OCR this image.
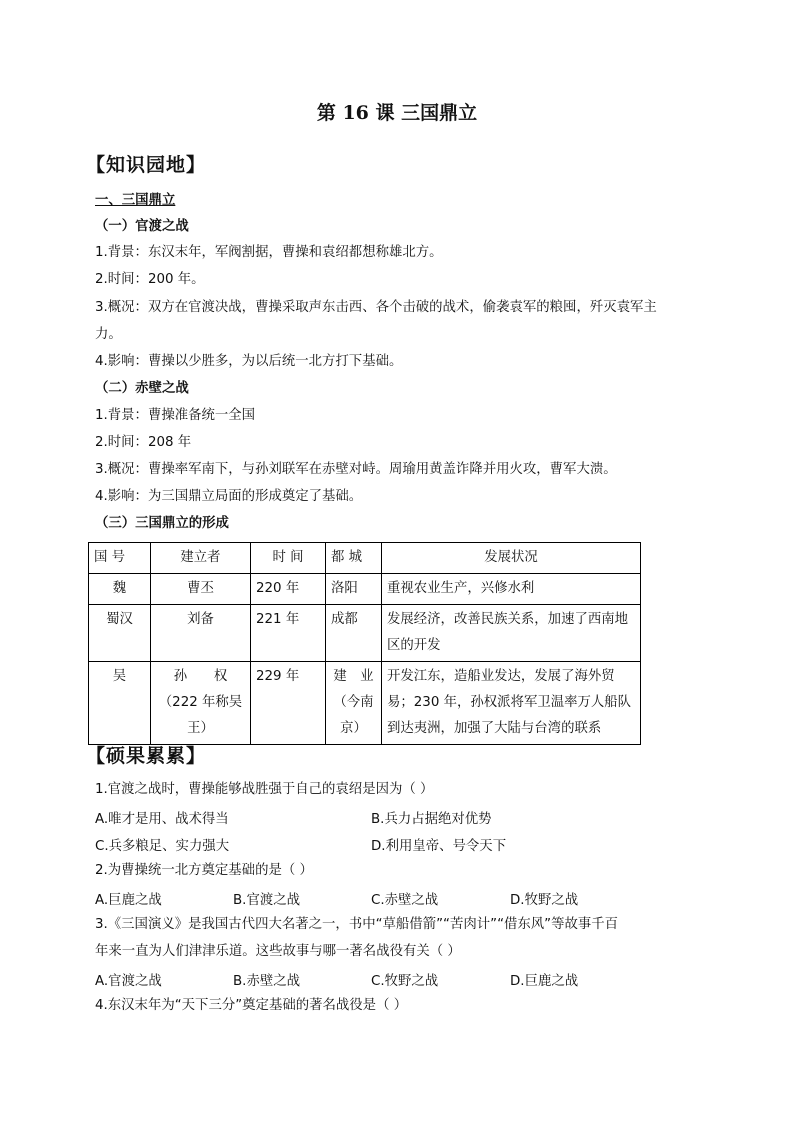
第 16 课 三国鼎立
【知识园地】
一、三国鼎立
（一）官渡之战
1.背景：东汉末年，军阀割据，曹操和袁绍都想称雄北方。
2.时间：200 年。
3.概况：双方在官渡决战，曹操采取声东击西、各个击破的战术，偷袭袁军的粮囤，歼灭袁军主
力。
4.影响：曹操以少胜多，为以后统一北方打下基础。
（二）赤壁之战
1.背景：曹操准备统一全国
2.时间：208 年
3.概况：曹操率军南下，与孙刘联军在赤壁对峙。周瑜用黄盖诈降并用火攻，曹军大溃。
4.影响：为三国鼎立局面的形成奠定了基础。
（三）三国鼎立的形成
国 号	建立者	时 间	都 城	发展状况
魏	曹丕	220 年	洛阳	重视农业生产，兴修水利
蜀汉	刘备	221 年	成都	发展经济，改善民族关系，加速了西南地区的开发
吴	孙　　权（222 年称吴王）	229 年	建　业（今南京）	开发江东，造船业发达，发展了海外贸易；230 年，孙权派将军卫温率万人船队到达夷洲，加强了大陆与台湾的联系
【硕果累累】
1.官渡之战时，曹操能够战胜强于自己的袁绍是因为（ ）
A.唯才是用、战术得当	B.兵力占据绝对优势
C.兵多粮足、实力强大	D.利用皇帝、号令天下
2.为曹操统一北方奠定基础的是（ ）
A.巨鹿之战	B.官渡之战	C.赤壁之战	D.牧野之战
3.《三国演义》是我国古代四大名著之一，书中“草船借箭”“苦肉计”“借东风”等故事千百
年来一直为人们津津乐道。这些故事与哪一著名战役有关（ ）
A.官渡之战	B.赤壁之战	C.牧野之战	D.巨鹿之战
4.东汉末年为“天下三分”奠定基础的著名战役是（ ）
